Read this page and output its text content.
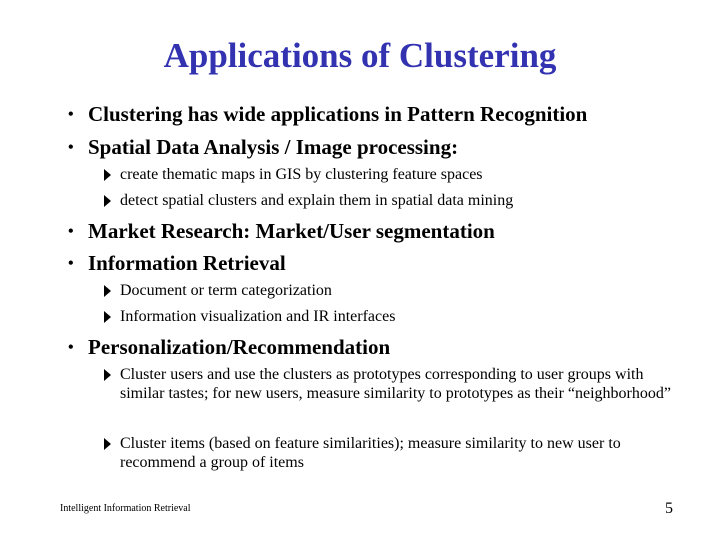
Applications of Clustering
• Clustering has wide applications in Pattern Recognition
• Spatial Data Analysis / Image processing:
create thematic maps in GIS by clustering feature spaces
detect spatial clusters and explain them in spatial data mining
• Market Research: Market/User segmentation
• Information Retrieval
Document or term categorization
Information visualization and IR interfaces
• Personalization/Recommendation
Cluster users and use the clusters as prototypes corresponding to user groups with similar tastes; for new users, measure similarity to prototypes as their “neighborhood”
Cluster items (based on feature similarities); measure similarity to new user to recommend a group of items
Intelligent Information Retrieval	5
